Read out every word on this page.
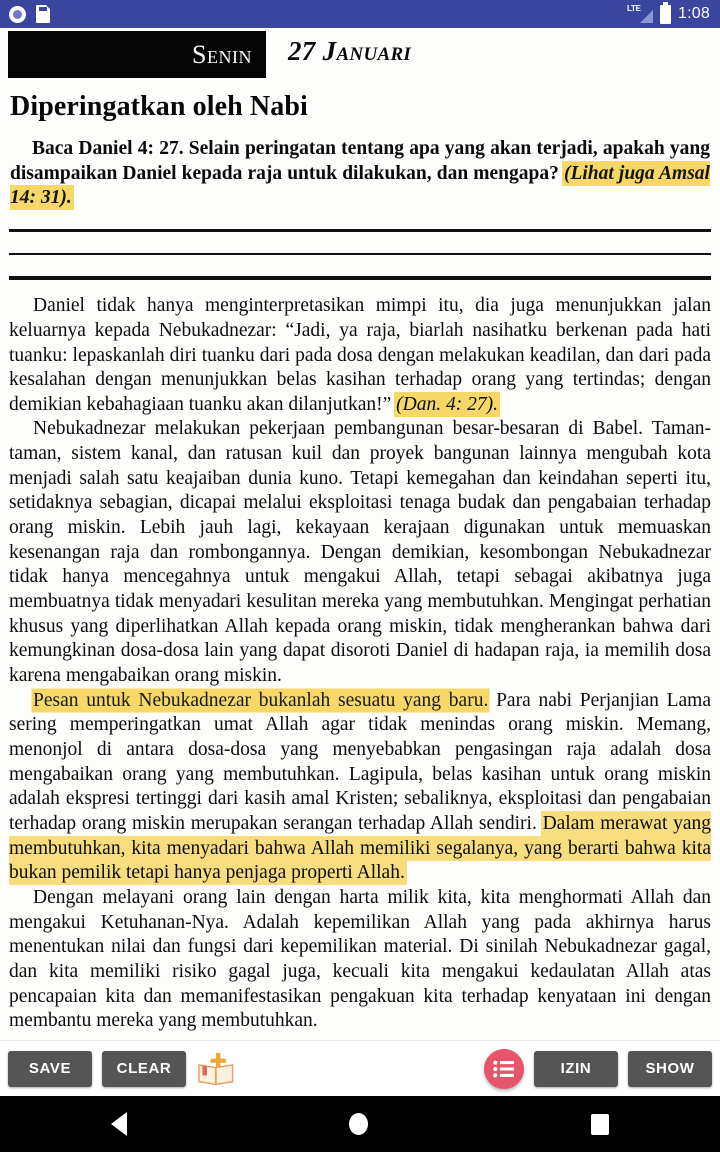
LTE 1:08
Senin 27 Januari
Diperingatkan oleh Nabi
Baca Daniel 4: 27. Selain peringatan tentang apa yang akan terjadi, apakah yang disampaikan Daniel kepada raja untuk dilakukan, dan mengapa? (Lihat juga Amsal 14: 31).

Daniel tidak hanya menginterpretasikan mimpi itu, dia juga menunjukkan jalan keluarnya kepada Nebukadnezar: “Jadi, ya raja, biarlah nasihatku berkenan pada hati tuanku: lepaskanlah diri tuanku dari pada dosa dengan melakukan keadilan, dan dari pada kesalahan dengan menunjukkan belas kasihan terhadap orang yang tertindas; dengan demikian kebahagiaan tuanku akan dilanjutkan!” (Dan. 4: 27).

Nebukadnezar melakukan pekerjaan pembangunan besar-besaran di Babel. Taman-taman, sistem kanal, dan ratusan kuil dan proyek bangunan lainnya mengubah kota menjadi salah satu keajaiban dunia kuno. Tetapi kemegahan dan keindahan seperti itu, setidaknya sebagian, dicapai melalui eksploitasi tenaga budak dan pengabaian terhadap orang miskin. Lebih jauh lagi, kekayaan kerajaan digunakan untuk memuaskan kesenangan raja dan rombongannya. Dengan demikian, kesombongan Nebukadnezar tidak hanya mencegahnya untuk mengakui Allah, tetapi sebagai akibatnya juga membuatnya tidak menyadari kesulitan mereka yang membutuhkan. Mengingat perhatian khusus yang diperlihatkan Allah kepada orang miskin, tidak mengherankan bahwa dari kemungkinan dosa-dosa lain yang dapat disoroti Daniel di hadapan raja, ia memilih dosa karena mengabaikan orang miskin.

Pesan untuk Nebukadnezar bukanlah sesuatu yang baru. Para nabi Perjanjian Lama sering memperingatkan umat Allah agar tidak menindas orang miskin. Memang, menonjol di antara dosa-dosa yang menyebabkan pengasingan raja adalah dosa mengabaikan orang yang membutuhkan. Lagipula, belas kasihan untuk orang miskin adalah ekspresi tertinggi dari kasih amal Kristen; sebaliknya, eksploitasi dan pengabaian terhadap orang miskin merupakan serangan terhadap Allah sendiri. Dalam merawat yang membutuhkan, kita menyadari bahwa Allah memiliki segalanya, yang berarti bahwa kita bukan pemilik tetapi hanya penjaga properti Allah.

Dengan melayani orang lain dengan harta milik kita, kita menghormati Allah dan mengakui Ketuhanan-Nya. Adalah kepemilikan Allah yang pada akhirnya harus menentukan nilai dan fungsi dari kepemilikan material. Di sinilah Nebukadnezar gagal, dan kita memiliki risiko gagal juga, kecuali kita mengakui kedaulatan Allah atas pencapaian kita dan memanifestasikan pengakuan kita terhadap kenyataan ini dengan membantu mereka yang membutuhkan.

SAVE	CLEAR	IZIN	SHOW
